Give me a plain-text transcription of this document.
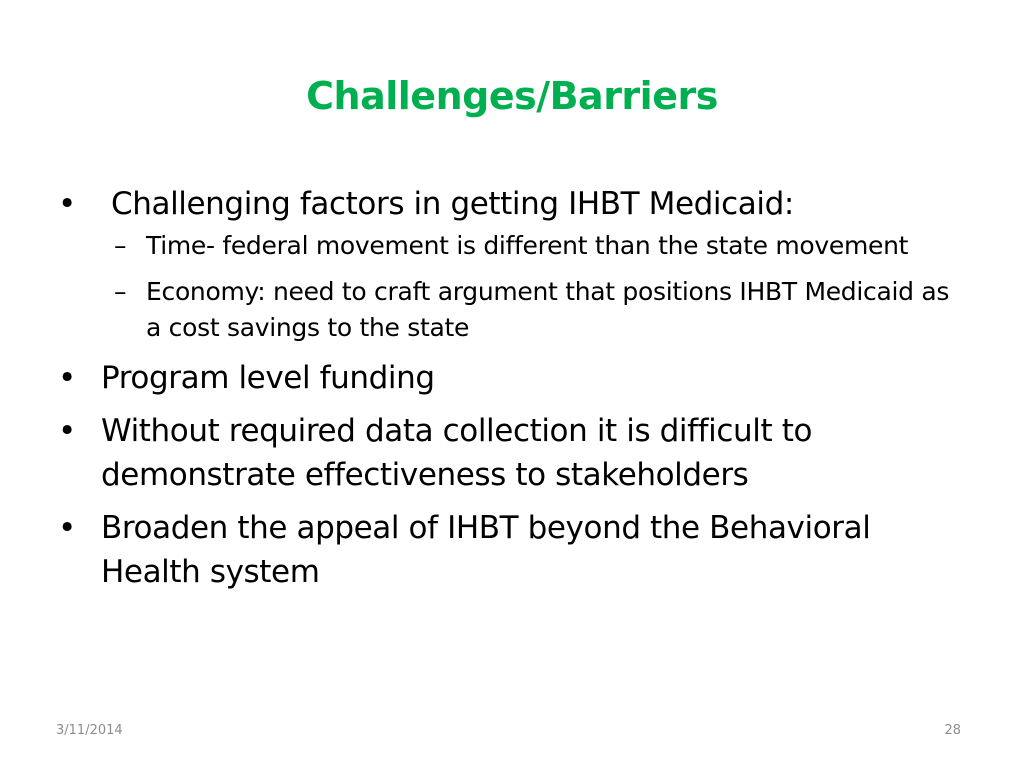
Challenges/Barriers
•	Challenging factors in getting IHBT Medicaid:
– Time- federal movement is different than the state movement
– Economy: need to craft argument that positions IHBT Medicaid as a cost savings to the state
• Program level funding
• Without required data collection it is difficult to demonstrate effectiveness to stakeholders
• Broaden the appeal of IHBT beyond the Behavioral Health system
3/11/2014	28
